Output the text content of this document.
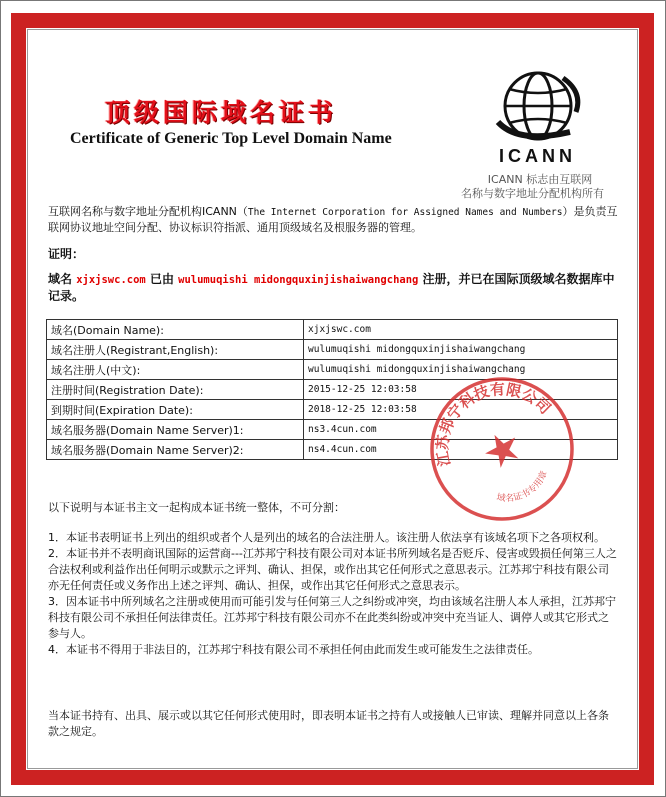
顶级国际域名证书
Certificate of Generic Top Level Domain Name
ICANN
ICANN 标志由互联网
名称与数字地址分配机构所有
互联网名称与数字地址分配机构ICANN（The Internet Corporation for Assigned Names and Numbers）是负责互联网协议地址空间分配、协议标识符指派、通用顶级域名及根服务器的管理。
证明：
域名 xjxjswc.com 已由 wulumuqishi midongquxinjishaiwangchang 注册，并已在国际顶级域名数据库中记录。
域名(Domain Name):	xjxjswc.com
域名注册人(Registrant,English):	wulumuqishi midongquxinjishaiwangchang
域名注册人(中文):	wulumuqishi midongquxinjishaiwangchang
注册时间(Registration Date):	2015-12-25 12:03:58
到期时间(Expiration Date):	2018-12-25 12:03:58
域名服务器(Domain Name Server)1:	ns3.4cun.com
域名服务器(Domain Name Server)2:	ns4.4cun.com
江苏邦宁科技有限公司
域名证书专用章

以下说明与本证书主文一起构成本证书统一整体，不可分割：

1．本证书表明证书上列出的组织或者个人是列出的域名的合法注册人。该注册人依法享有该域名项下之各项权利。

2．本证书并不表明商讯国际的运营商---江苏邦宁科技有限公司对本证书所列域名是否贬斥、侵害或毁损任何第三人之合法权利或利益作出任何明示或默示之评判、确认、担保，或作出其它任何形式之意思表示。江苏邦宁科技有限公司亦无任何责任或义务作出上述之评判、确认、担保，或作出其它任何形式之意思表示。

3．因本证书中所列域名之注册或使用而可能引发与任何第三人之纠纷或冲突，均由该域名注册人本人承担，江苏邦宁科技有限公司不承担任何法律责任。江苏邦宁科技有限公司亦不在此类纠纷或冲突中充当证人、调停人或其它形式之参与人。

4．本证书不得用于非法目的，江苏邦宁科技有限公司不承担任何由此而发生或可能发生之法律责任。

当本证书持有、出具、展示或以其它任何形式使用时，即表明本证书之持有人或接触人已审读、理解并同意以上各条款之规定。
